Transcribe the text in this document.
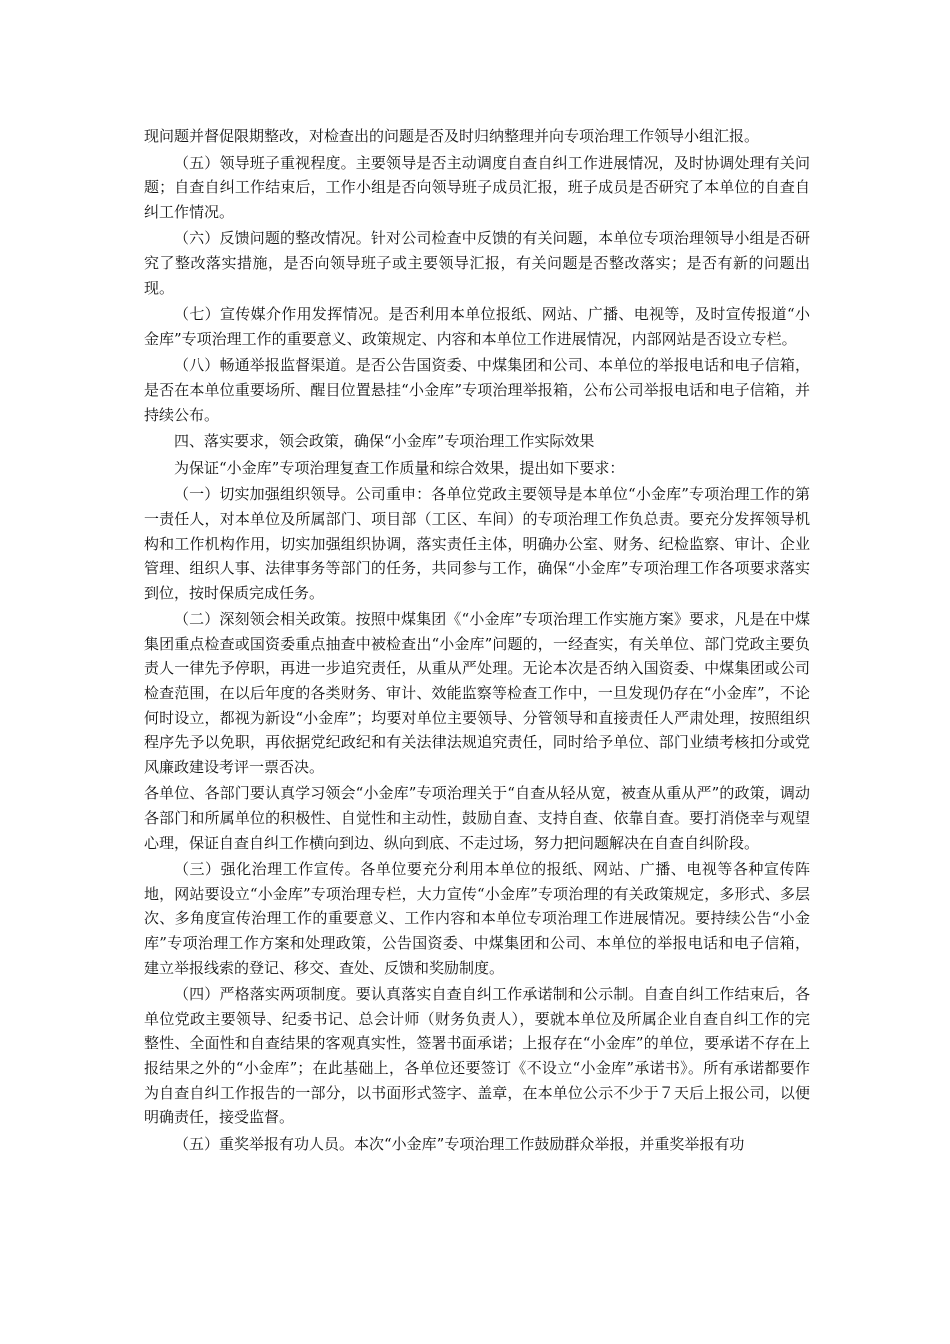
现问题并督促限期整改，对检查出的问题是否及时归纳整理并向专项治理工作领导小组汇报。

（五）领导班子重视程度。主要领导是否主动调度自查自纠工作进展情况，及时协调处理有关问题；自查自纠工作结束后，工作小组是否向领导班子成员汇报，班子成员是否研究了本单位的自查自纠工作情况。

（六）反馈问题的整改情况。针对公司检查中反馈的有关问题，本单位专项治理领导小组是否研究了整改落实措施，是否向领导班子或主要领导汇报，有关问题是否整改落实；是否有新的问题出现。

（七）宣传媒介作用发挥情况。是否利用本单位报纸、网站、广播、电视等，及时宣传报道“小金库”专项治理工作的重要意义、政策规定、内容和本单位工作进展情况，内部网站是否设立专栏。

（八）畅通举报监督渠道。是否公告国资委、中煤集团和公司、本单位的举报电话和电子信箱，是否在本单位重要场所、醒目位置悬挂“小金库”专项治理举报箱，公布公司举报电话和电子信箱，并持续公布。

四、落实要求，领会政策，确保“小金库”专项治理工作实际效果

为保证“小金库”专项治理复查工作质量和综合效果，提出如下要求：

（一）切实加强组织领导。公司重申：各单位党政主要领导是本单位“小金库”专项治理工作的第一责任人，对本单位及所属部门、项目部（工区、车间）的专项治理工作负总责。要充分发挥领导机构和工作机构作用，切实加强组织协调，落实责任主体，明确办公室、财务、纪检监察、审计、企业管理、组织人事、法律事务等部门的任务，共同参与工作，确保“小金库”专项治理工作各项要求落实到位，按时保质完成任务。

（二）深刻领会相关政策。按照中煤集团《“小金库”专项治理工作实施方案》要求，凡是在中煤集团重点检查或国资委重点抽查中被检查出“小金库”问题的，一经查实，有关单位、部门党政主要负责人一律先予停职，再进一步追究责任，从重从严处理。无论本次是否纳入国资委、中煤集团或公司检查范围，在以后年度的各类财务、审计、效能监察等检查工作中，一旦发现仍存在“小金库”，不论何时设立，都视为新设“小金库”；均要对单位主要领导、分管领导和直接责任人严肃处理，按照组织程序先予以免职，再依据党纪政纪和有关法律法规追究责任，同时给予单位、部门业绩考核扣分或党风廉政建设考评一票否决。

各单位、各部门要认真学习领会“小金库”专项治理关于“自查从轻从宽，被查从重从严”的政策，调动各部门和所属单位的积极性、自觉性和主动性，鼓励自查、支持自查、依靠自查。要打消侥幸与观望心理，保证自查自纠工作横向到边、纵向到底、不走过场，努力把问题解决在自查自纠阶段。

（三）强化治理工作宣传。各单位要充分利用本单位的报纸、网站、广播、电视等各种宣传阵地，网站要设立“小金库”专项治理专栏，大力宣传“小金库”专项治理的有关政策规定，多形式、多层次、多角度宣传治理工作的重要意义、工作内容和本单位专项治理工作进展情况。要持续公告“小金库”专项治理工作方案和处理政策，公告国资委、中煤集团和公司、本单位的举报电话和电子信箱，建立举报线索的登记、移交、查处、反馈和奖励制度。

（四）严格落实两项制度。要认真落实自查自纠工作承诺制和公示制。自查自纠工作结束后，各单位党政主要领导、纪委书记、总会计师（财务负责人），要就本单位及所属企业自查自纠工作的完整性、全面性和自查结果的客观真实性，签署书面承诺；上报存在“小金库”的单位，要承诺不存在上报结果之外的“小金库”；在此基础上，各单位还要签订《不设立“小金库”承诺书》。所有承诺都要作为自查自纠工作报告的一部分，以书面形式签字、盖章，在本单位公示不少于７天后上报公司，以便明确责任，接受监督。

（五）重奖举报有功人员。本次“小金库”专项治理工作鼓励群众举报，并重奖举报有功
